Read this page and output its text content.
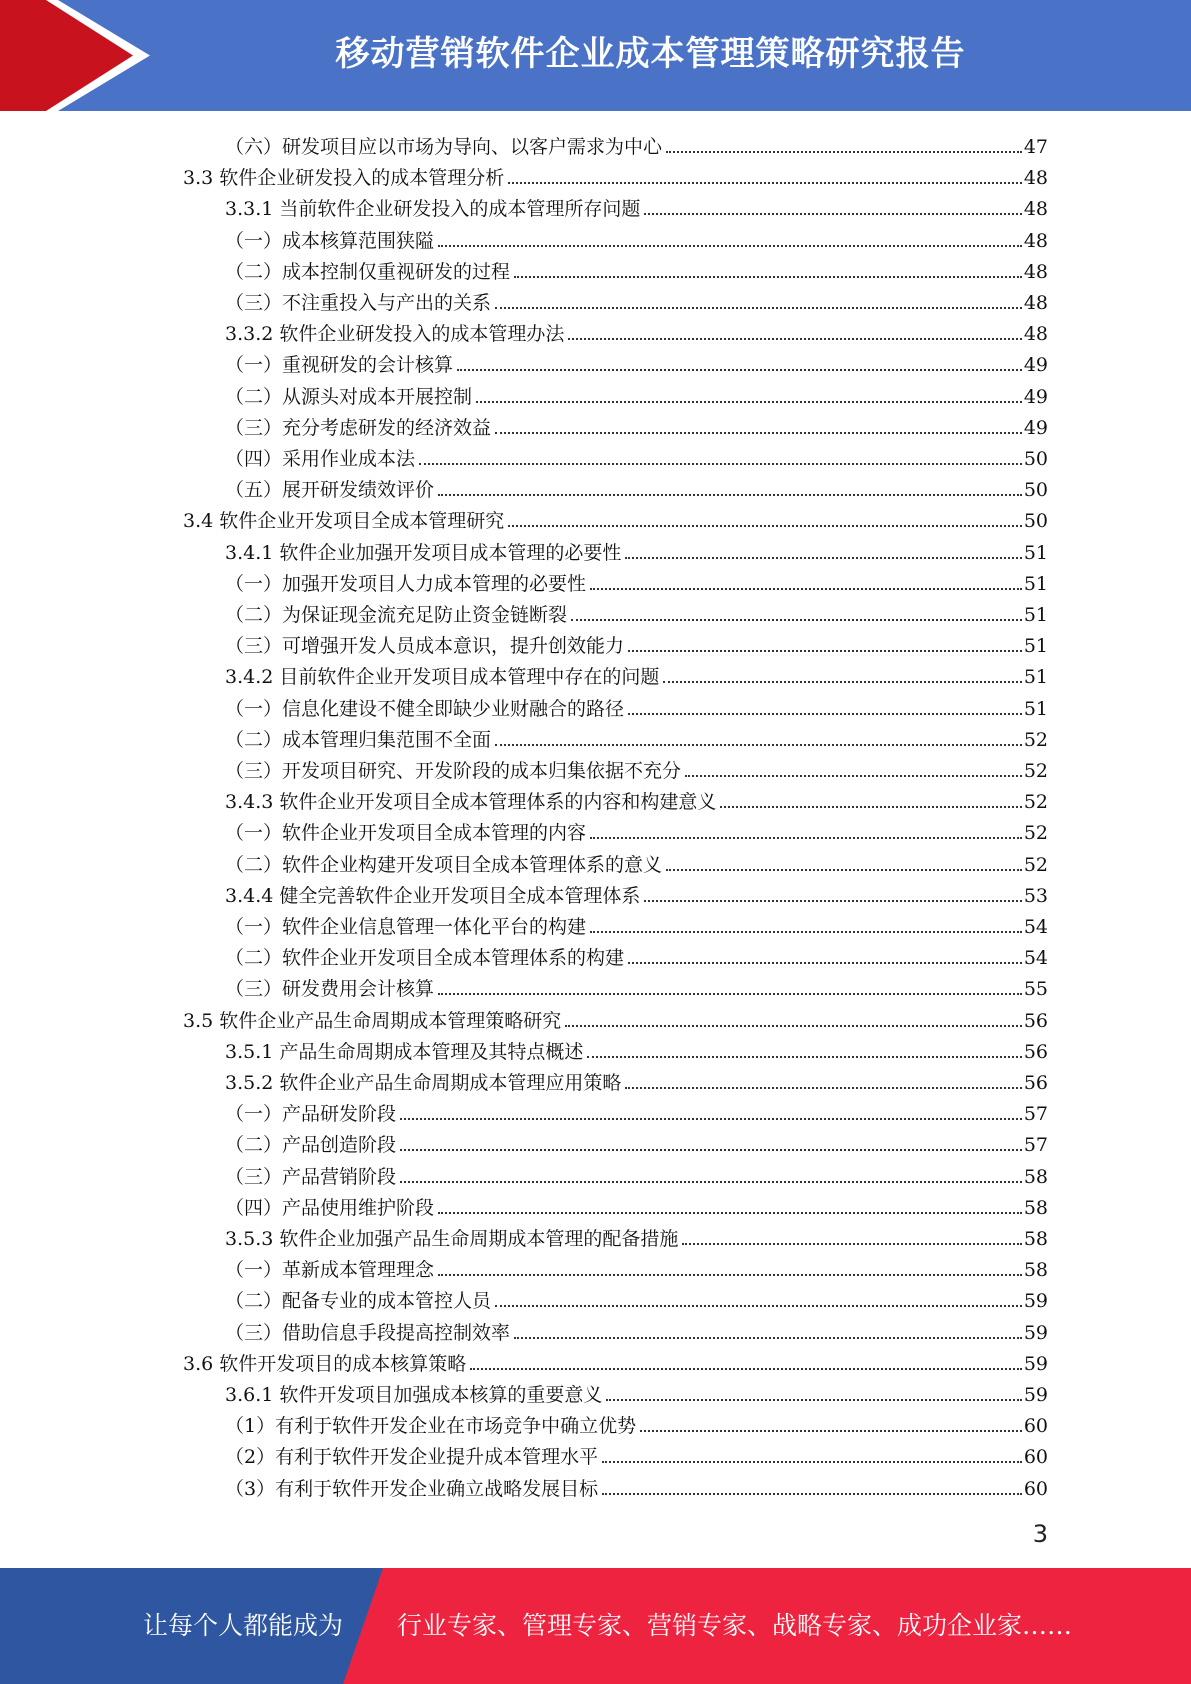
移动营销软件企业成本管理策略研究报告
（六）研发项目应以市场为导向、以客户需求为中心	47
3.3 软件企业研发投入的成本管理分析	48
3.3.1 当前软件企业研发投入的成本管理所存问题	48
（一）成本核算范围狭隘	48
（二）成本控制仅重视研发的过程	48
（三）不注重投入与产出的关系	48
3.3.2 软件企业研发投入的成本管理办法	48
（一）重视研发的会计核算	49
（二）从源头对成本开展控制	49
（三）充分考虑研发的经济效益	49
（四）采用作业成本法	50
（五）展开研发绩效评价	50
3.4 软件企业开发项目全成本管理研究	50
3.4.1 软件企业加强开发项目成本管理的必要性	51
（一）加强开发项目人力成本管理的必要性	51
（二）为保证现金流充足防止资金链断裂	51
（三）可增强开发人员成本意识，提升创效能力	51
3.4.2 目前软件企业开发项目成本管理中存在的问题	51
（一）信息化建设不健全即缺少业财融合的路径	51
（二）成本管理归集范围不全面	52
（三）开发项目研究、开发阶段的成本归集依据不充分	52
3.4.3 软件企业开发项目全成本管理体系的内容和构建意义	52
（一）软件企业开发项目全成本管理的内容	52
（二）软件企业构建开发项目全成本管理体系的意义	52
3.4.4 健全完善软件企业开发项目全成本管理体系	53
（一）软件企业信息管理一体化平台的构建	54
（二）软件企业开发项目全成本管理体系的构建	54
（三）研发费用会计核算	55
3.5 软件企业产品生命周期成本管理策略研究	56
3.5.1 产品生命周期成本管理及其特点概述	56
3.5.2 软件企业产品生命周期成本管理应用策略	56
（一）产品研发阶段	57
（二）产品创造阶段	57
（三）产品营销阶段	58
（四）产品使用维护阶段	58
3.5.3 软件企业加强产品生命周期成本管理的配备措施	58
（一）革新成本管理理念	58
（二）配备专业的成本管控人员	59
（三）借助信息手段提高控制效率	59
3.6 软件开发项目的成本核算策略	59
3.6.1 软件开发项目加强成本核算的重要意义	59
（1）有利于软件开发企业在市场竞争中确立优势	60
（2）有利于软件开发企业提升成本管理水平	60
（3）有利于软件开发企业确立战略发展目标	60
3
让每个人都能成为 行业专家、管理专家、营销专家、战略专家、成功企业家……
